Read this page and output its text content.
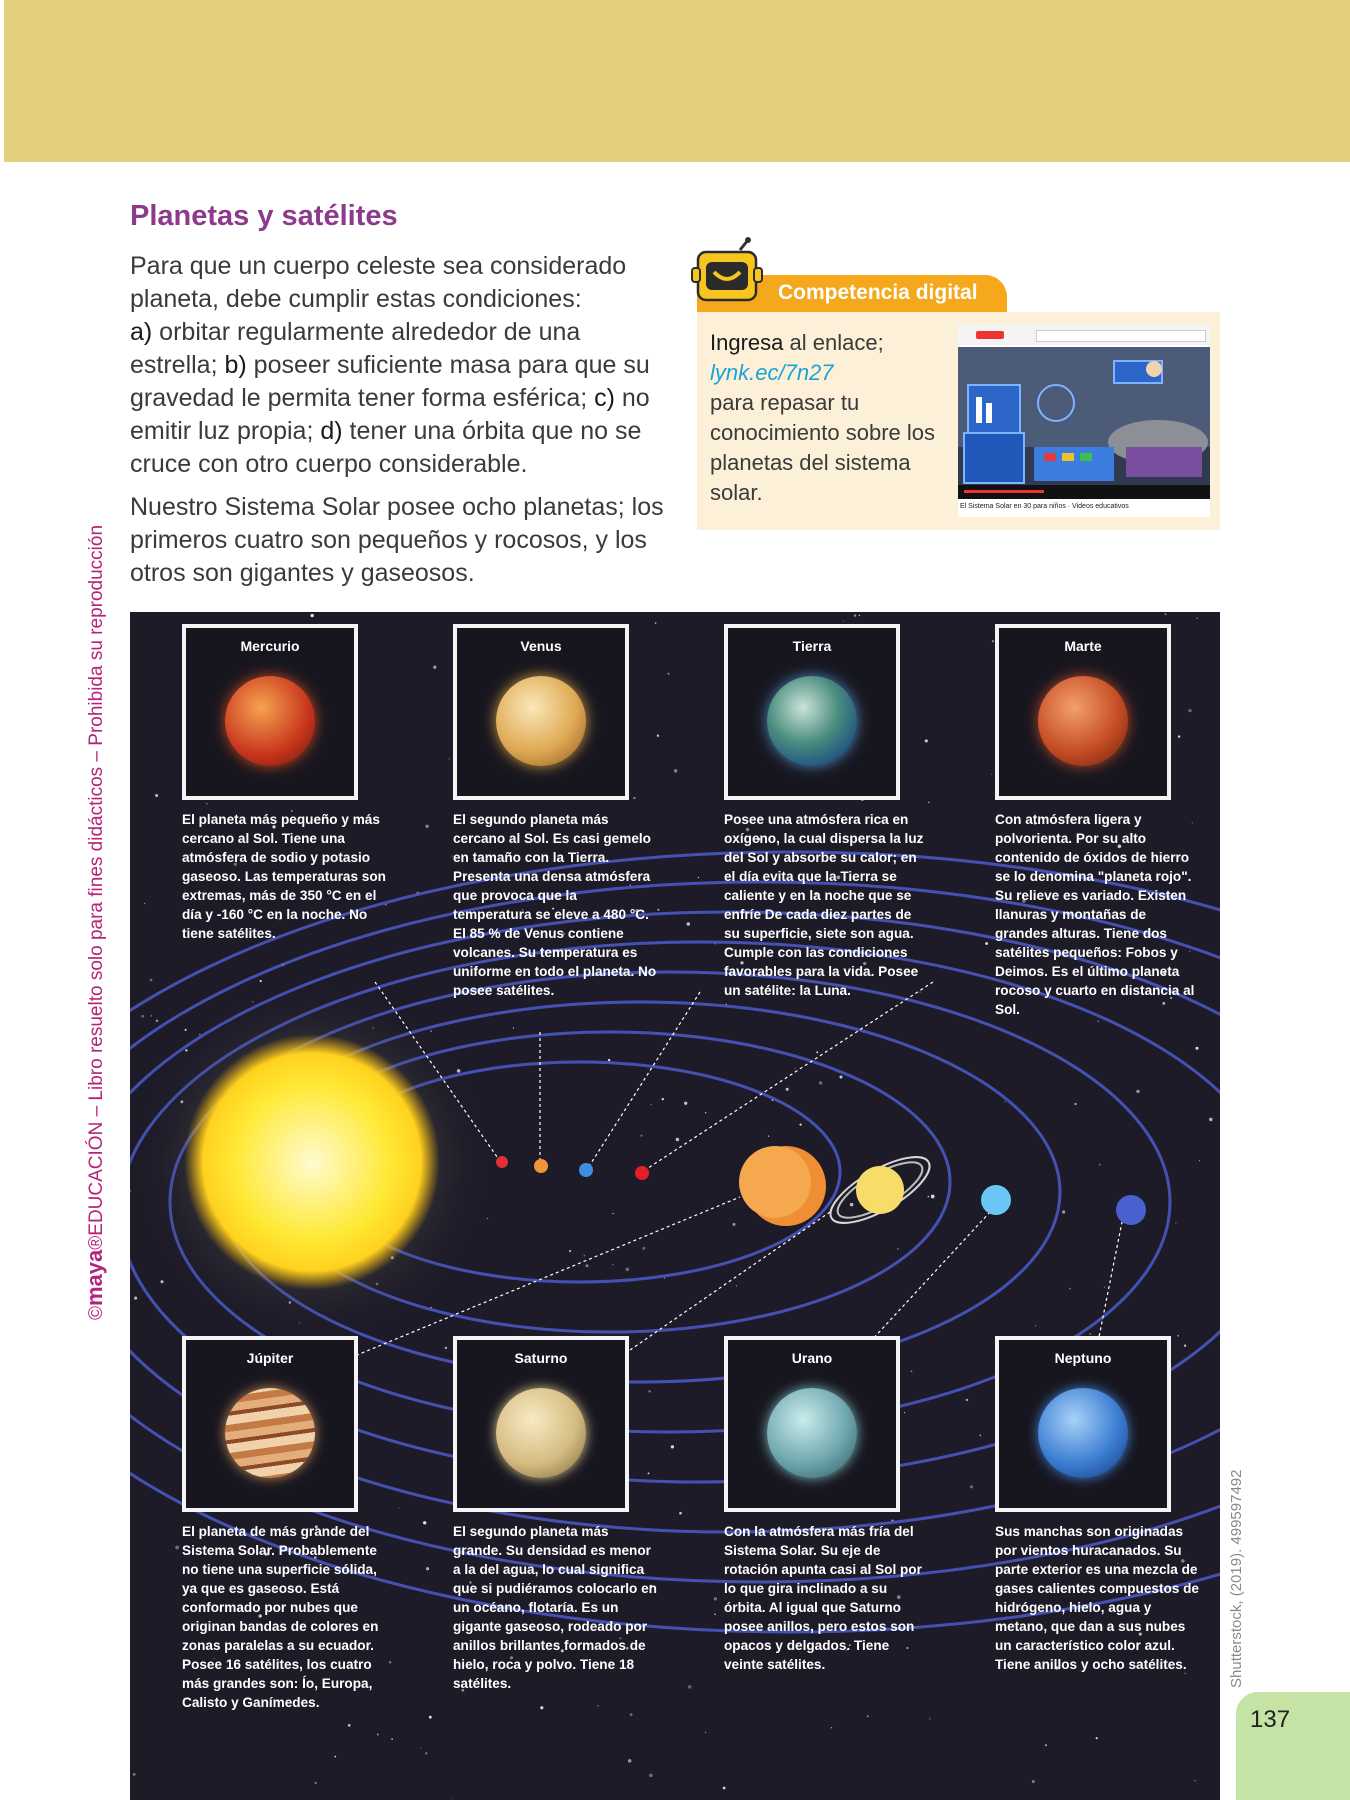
Planetas y satélites

Para que un cuerpo celeste sea considerado planeta, debe cumplir estas condiciones:
a) orbitar regularmente alrededor de una estrella; b) poseer suficiente masa para que su gravedad le permita tener forma esférica; c) no emitir luz propia; d) tener una órbita que no se cruce con otro cuerpo considerable.

Nuestro Sistema Solar posee ocho planetas; los primeros cuatro son pequeños y rocosos, y los otros son gigantes y gaseosos.

Competencia digital
Ingresa al enlace;
lynk.ec/7n27
para repasar tu conocimiento sobre los planetas del sistema solar.
El Sistema Solar en 30 para niños · Videos educativos
Mercurio
El planeta más pequeño y más cercano al Sol. Tiene una atmósfera de sodio y potasio gaseoso. Las temperaturas son extremas, más de 350 °C en el día y -160 °C en la noche. No tiene satélites.
Venus
El segundo planeta más cercano al Sol. Es casi gemelo en tamaño con la Tierra. Presenta una densa atmósfera que provoca que la temperatura se eleve a 480 °C. El 85 % de Venus contiene volcanes. Su temperatura es uniforme en todo el planeta. No posee satélites.
Tierra
Posee una atmósfera rica en oxígeno, la cual dispersa la luz del Sol y absorbe su calor; en el día evita que la Tierra se caliente y en la noche que se enfríe De cada diez partes de su superficie, siete son agua. Cumple con las condiciones favorables para la vida. Posee un satélite: la Luna.
Marte
Con atmósfera ligera y polvorienta. Por su alto contenido de óxidos de hierro se lo denomina "planeta rojo". Su relieve es variado. Existen llanuras y montañas de grandes alturas. Tiene dos satélites pequeños: Fobos y Deimos. Es el último planeta rocoso y cuarto en distancia al Sol.
Júpiter
El planeta de más grande del Sistema Solar. Probablemente no tiene una superficie sólida, ya que es gaseoso. Está conformado por nubes que originan bandas de colores en zonas paralelas a su ecuador. Posee 16 satélites, los cuatro más grandes son: Ío, Europa, Calisto y Ganímedes.
Saturno
El segundo planeta más grande. Su densidad es menor a la del agua, lo cual significa que si pudiéramos colocarlo en un océano, flotaría. Es un gigante gaseoso, rodeado por anillos brillantes formados de hielo, roca y polvo. Tiene 18 satélites.
Urano
Con la atmósfera más fría del Sistema Solar. Su eje de rotación apunta casi al Sol por lo que gira inclinado a su órbita. Al igual que Saturno posee anillos, pero estos son opacos y delgados. Tiene veinte satélites.
Neptuno
Sus manchas son originadas por vientos huracanados. Su parte exterior es una mezcla de gases calientes compuestos de hidrógeno, hielo, agua y metano, que dan a sus nubes un característico color azul. Tiene anillos y ocho satélites.
©maya®EDUCACIÓN – Libro resuelto solo para fines didácticos – Prohibida su reproducción
Shutterstock, (2019). 499597492
137
